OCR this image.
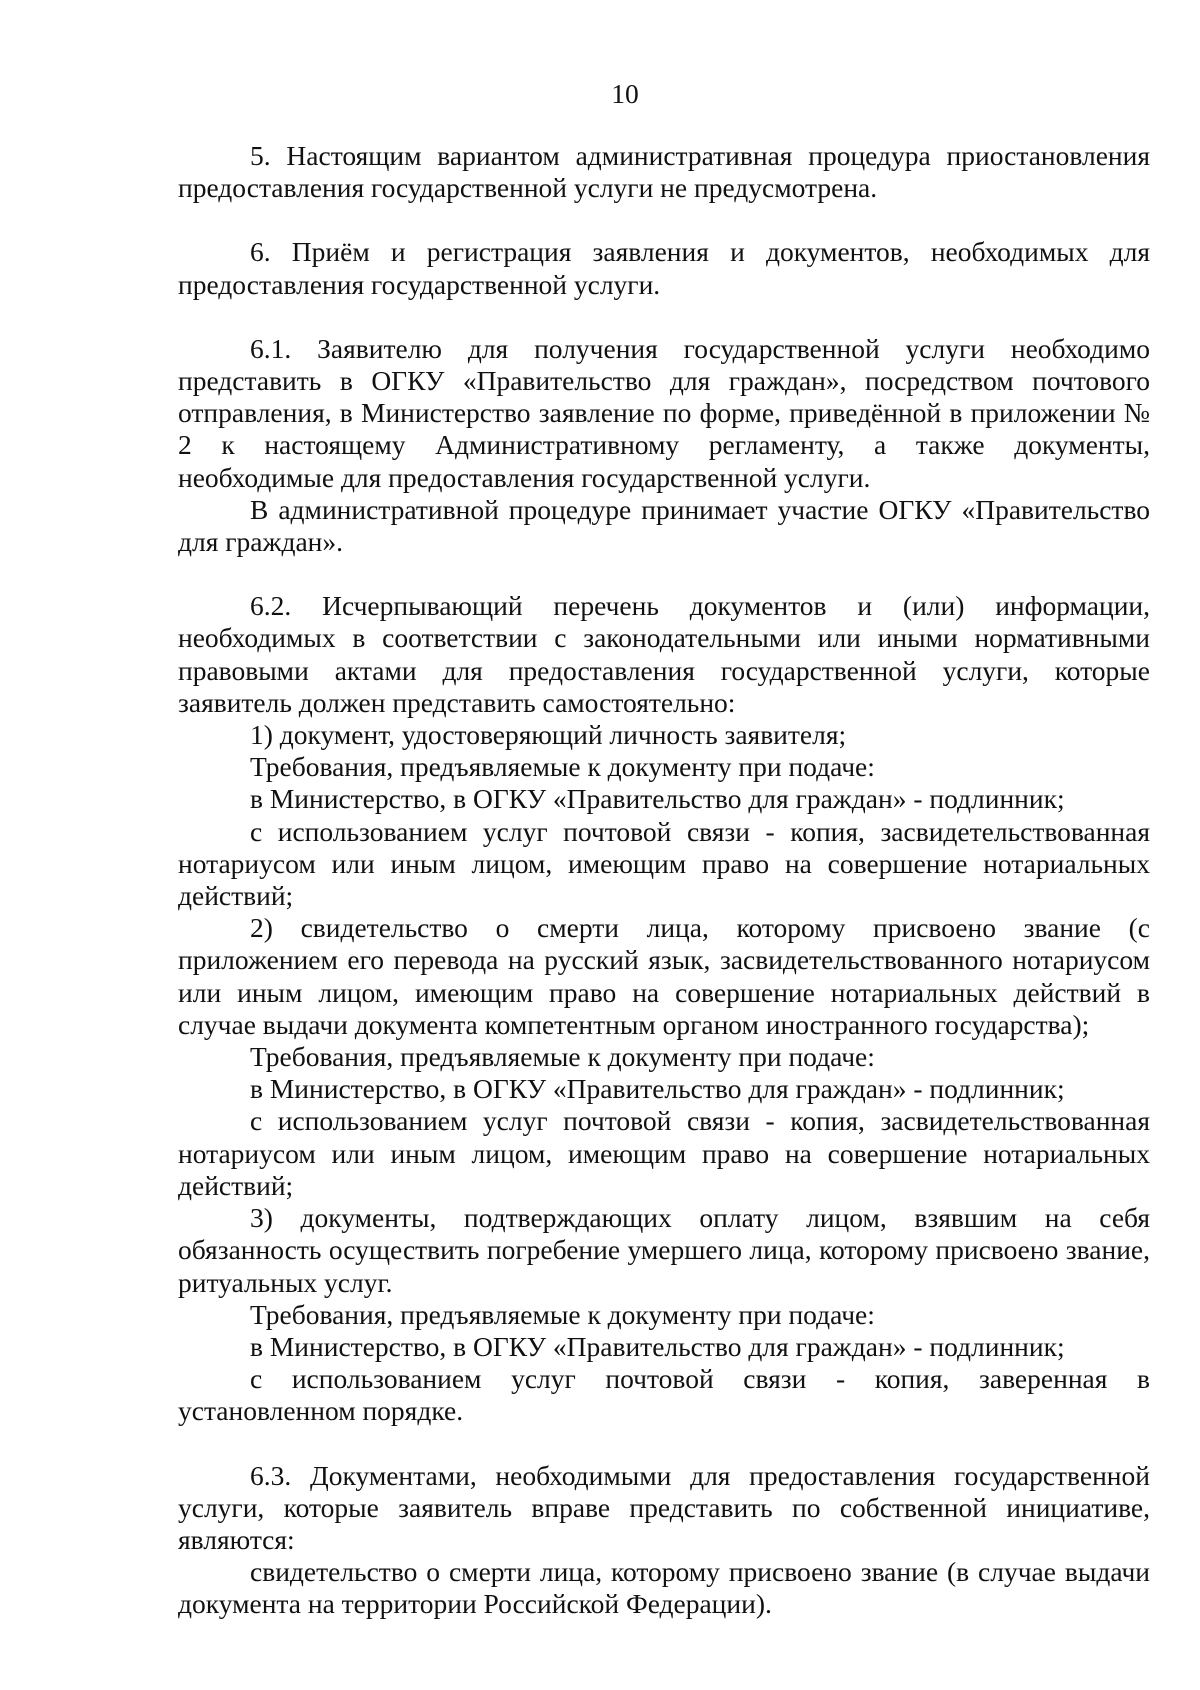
10

5. Настоящим вариантом административная процедура приостановления предоставления государственной услуги не предусмотрена.

6. Приём и регистрация заявления и документов, необходимых для предоставления государственной услуги.

6.1. Заявителю для получения государственной услуги необходимо представить в ОГКУ «Правительство для граждан», посредством почтового отправления, в Министерство заявление по форме, приведённой в приложении № 2 к настоящему Административному регламенту, а также документы, необходимые для предоставления государственной услуги.

В административной процедуре принимает участие ОГКУ «Правительство для граждан».

6.2. Исчерпывающий перечень документов и (или) информации, необходимых в соответствии с законодательными или иными нормативными правовыми актами для предоставления государственной услуги, которые заявитель должен представить самостоятельно:

1) документ, удостоверяющий личность заявителя;

Требования, предъявляемые к документу при подаче:

в Министерство, в ОГКУ «Правительство для граждан» - подлинник;

с использованием услуг почтовой связи - копия, засвидетельствованная нотариусом или иным лицом, имеющим право на совершение нотариальных действий;

2) свидетельство о смерти лица, которому присвоено звание (с приложением его перевода на русский язык, засвидетельствованного нотариусом или иным лицом, имеющим право на совершение нотариальных действий в случае выдачи документа компетентным органом иностранного государства);

Требования, предъявляемые к документу при подаче:

в Министерство, в ОГКУ «Правительство для граждан» - подлинник;

с использованием услуг почтовой связи - копия, засвидетельствованная нотариусом или иным лицом, имеющим право на совершение нотариальных действий;

3) документы, подтверждающих оплату лицом, взявшим на себя обязанность осуществить погребение умершего лица, которому присвоено звание, ритуальных услуг.

Требования, предъявляемые к документу при подаче:

в Министерство, в ОГКУ «Правительство для граждан» - подлинник;

с использованием услуг почтовой связи - копия, заверенная в установленном порядке.

6.3. Документами, необходимыми для предоставления государственной услуги, которые заявитель вправе представить по собственной инициативе, являются:

свидетельство о смерти лица, которому присвоено звание (в случае выдачи документа на территории Российской Федерации).
